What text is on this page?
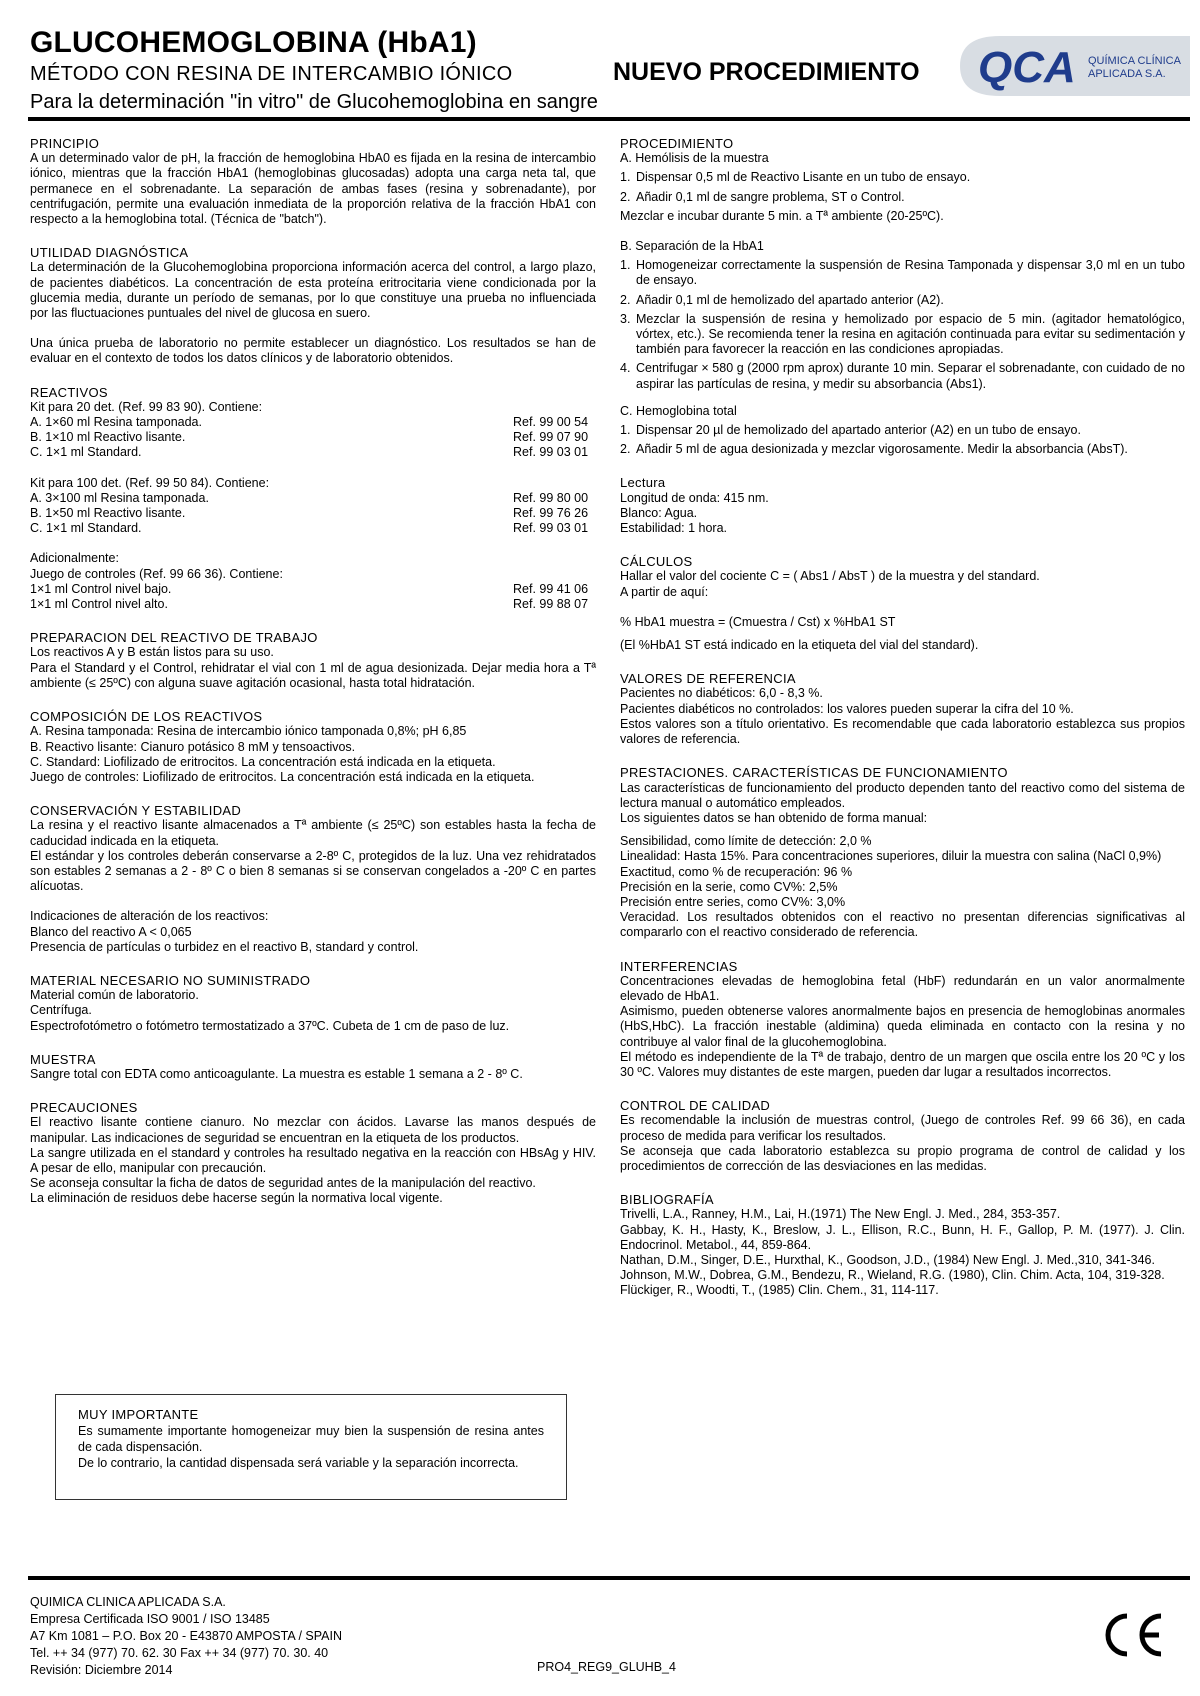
GLUCOHEMOGLOBINA (HbA1)
MÉTODO CON RESINA DE INTERCAMBIO IÓNICO
Para la determinación "in vitro" de Glucohemoglobina en sangre
NUEVO PROCEDIMIENTO QCA QUÍMICA CLÍNICA
APLICADA S.A.
PRINCIPIO

A un determinado valor de pH, la fracción de hemoglobina HbA0 es fijada en la resina de intercambio iónico, mientras que la fracción HbA1 (hemoglobinas glucosadas) adopta una carga neta tal, que permanece en el sobrenadante. La separación de ambas fases (resina y sobrenadante), por centrifugación, permite una evaluación inmediata de la proporción relativa de la fracción HbA1 con respecto a la hemoglobina total. (Técnica de "batch").

UTILIDAD DIAGNÓSTICA

La determinación de la Glucohemoglobina proporciona información acerca del control, a largo plazo, de pacientes diabéticos. La concentración de esta proteína eritrocitaria viene condicionada por la glucemia media, durante un período de semanas, por lo que constituye una prueba no influenciada por las fluctuaciones puntuales del nivel de glucosa en suero.

Una única prueba de laboratorio no permite establecer un diagnóstico. Los resultados se han de evaluar en el contexto de todos los datos clínicos y de laboratorio obtenidos.

REACTIVOS
Kit para 20 det. (Ref. 99 83 90). Contiene:
A. 1×60 ml Resina tamponada.	Ref. 99 00 54
B. 1×10 ml Reactivo lisante.	Ref. 99 07 90
C. 1×1 ml Standard.	Ref. 99 03 01
Kit para 100 det. (Ref. 99 50 84). Contiene:
A. 3×100 ml Resina tamponada.	Ref. 99 80 00
B. 1×50 ml Reactivo lisante.	Ref. 99 76 26
C. 1×1 ml Standard.	Ref. 99 03 01
Adicionalmente:
Juego de controles (Ref. 99 66 36). Contiene:
1×1 ml Control nivel bajo.	Ref. 99 41 06
1×1 ml Control nivel alto.	Ref. 99 88 07
PREPARACION DEL REACTIVO DE TRABAJO

Los reactivos A y B están listos para su uso.

Para el Standard y el Control, rehidratar el vial con 1 ml de agua desionizada. Dejar media hora a Tª ambiente (≤ 25ºC) con alguna suave agitación ocasional, hasta total hidratación.

COMPOSICIÓN DE LOS REACTIVOS
A. Resina tamponada: Resina de intercambio iónico tamponada 0,8%; pH 6,85
B. Reactivo lisante: Cianuro potásico 8 mM y tensoactivos.
C. Standard: Liofilizado de eritrocitos. La concentración está indicada en la etiqueta.
Juego de controles: Liofilizado de eritrocitos. La concentración está indicada en la etiqueta.
CONSERVACIÓN Y ESTABILIDAD

La resina y el reactivo lisante almacenados a Tª ambiente (≤ 25ºC) son estables hasta la fecha de caducidad indicada en la etiqueta.

El estándar y los controles deberán conservarse a 2-8º C, protegidos de la luz. Una vez rehidratados son estables 2 semanas a 2 - 8º C o bien 8 semanas si se conservan congelados a -20º C en partes alícuotas.

Indicaciones de alteración de los reactivos:
Blanco del reactivo A < 0,065
Presencia de partículas o turbidez en el reactivo B, standard y control.
MATERIAL NECESARIO NO SUMINISTRADO
Material común de laboratorio.
Centrífuga.
Espectrofotómetro o fotómetro termostatizado a 37ºC. Cubeta de 1 cm de paso de luz.
MUESTRA

Sangre total con EDTA como anticoagulante. La muestra es estable 1 semana a 2 - 8º C.

PRECAUCIONES

El reactivo lisante contiene cianuro. No mezclar con ácidos. Lavarse las manos después de manipular. Las indicaciones de seguridad se encuentran en la etiqueta de los productos.

La sangre utilizada en el standard y controles ha resultado negativa en la reacción con HBsAg y HIV. A pesar de ello, manipular con precaución.

Se aconseja consultar la ficha de datos de seguridad antes de la manipulación del reactivo.

La eliminación de residuos debe hacerse según la normativa local vigente.

MUY IMPORTANTE

Es sumamente importante homogeneizar muy bien la suspensión de resina antes de cada dispensación.

De lo contrario, la cantidad dispensada será variable y la separación incorrecta.

PROCEDIMIENTO
A. Hemólisis de la muestra
1. Dispensar 0,5 ml de Reactivo Lisante en un tubo de ensayo.
2. Añadir 0,1 ml de sangre problema, ST o Control.
Mezclar e incubar durante 5 min. a Tª ambiente (20-25ºC).
B. Separación de la HbA1
1. Homogeneizar correctamente la suspensión de Resina Tamponada y dispensar 3,0 ml en un tubo de ensayo.
2. Añadir 0,1 ml de hemolizado del apartado anterior (A2).
3. Mezclar la suspensión de resina y hemolizado por espacio de 5 min. (agitador hematológico, vórtex, etc.). Se recomienda tener la resina en agitación continuada para evitar su sedimentación y también para favorecer la reacción en las condiciones apropiadas.
4. Centrifugar × 580 g (2000 rpm aprox) durante 10 min. Separar el sobrenadante, con cuidado de no aspirar las partículas de resina, y medir su absorbancia (Abs1).
C. Hemoglobina total
1. Dispensar 20 µl de hemolizado del apartado anterior (A2) en un tubo de ensayo.
2. Añadir 5 ml de agua desionizada y mezclar vigorosamente. Medir la absorbancia (AbsT).
Lectura
Longitud de onda: 415 nm.
Blanco: Agua.
Estabilidad: 1 hora.
CÁLCULOS
Hallar el valor del cociente C = ( Abs1 / AbsT ) de la muestra y del standard.
A partir de aquí:
% HbA1 muestra = (Cmuestra / Cst) x %HbA1 ST
(El %HbA1 ST está indicado en la etiqueta del vial del standard).
VALORES DE REFERENCIA
Pacientes no diabéticos: 6,0 - 8,3 %.
Pacientes diabéticos no controlados: los valores pueden superar la cifra del 10 %.

Estos valores son a título orientativo. Es recomendable que cada laboratorio establezca sus propios valores de referencia.

PRESTACIONES. CARACTERÍSTICAS DE FUNCIONAMIENTO

Las características de funcionamiento del producto dependen tanto del reactivo como del sistema de lectura manual o automático empleados.

Los siguientes datos se han obtenido de forma manual:
Sensibilidad, como límite de detección: 2,0 %
Linealidad: Hasta 15%. Para concentraciones superiores, diluir la muestra con salina (NaCl 0,9%)
Exactitud, como % de recuperación: 96 %
Precisión en la serie, como CV%: 2,5%
Precisión entre series, como CV%: 3,0%

Veracidad. Los resultados obtenidos con el reactivo no presentan diferencias significativas al compararlo con el reactivo considerado de referencia.

INTERFERENCIAS

Concentraciones elevadas de hemoglobina fetal (HbF) redundarán en un valor anormalmente elevado de HbA1.

Asimismo, pueden obtenerse valores anormalmente bajos en presencia de hemoglobinas anormales (HbS,HbC). La fracción inestable (aldimina) queda eliminada en contacto con la resina y no contribuye al valor final de la glucohemoglobina.

El método es independiente de la Tª de trabajo, dentro de un margen que oscila entre los 20 ºC y los 30 ºC. Valores muy distantes de este margen, pueden dar lugar a resultados incorrectos.

CONTROL DE CALIDAD

Es recomendable la inclusión de muestras control, (Juego de controles Ref. 99 66 36), en cada proceso de medida para verificar los resultados.

Se aconseja que cada laboratorio establezca su propio programa de control de calidad y los procedimientos de corrección de las desviaciones en las medidas.

BIBLIOGRAFÍA

Trivelli, L.A., Ranney, H.M., Lai, H.(1971) The New Engl. J. Med., 284, 353-357.

Gabbay, K. H., Hasty, K., Breslow, J. L., Ellison, R.C., Bunn, H. F., Gallop, P. M. (1977). J. Clin. Endocrinol. Metabol., 44, 859-864.

Nathan, D.M., Singer, D.E., Hurxthal, K., Goodson, J.D., (1984) New Engl. J. Med.,310, 341-346.

Johnson, M.W., Dobrea, G.M., Bendezu, R., Wieland, R.G. (1980), Clin. Chim. Acta, 104, 319-328.

Flückiger, R., Woodti, T., (1985) Clin. Chem., 31, 114-117.

QUIMICA CLINICA APLICADA S.A.
Empresa Certificada ISO 9001 / ISO 13485
A7 Km 1081 – P.O. Box 20 - E43870 AMPOSTA / SPAIN
Tel. ++ 34 (977) 70. 62. 30 Fax ++ 34 (977) 70. 30. 40
Revisión: Diciembre 2014	PRO4_REG9_GLUHB_4
